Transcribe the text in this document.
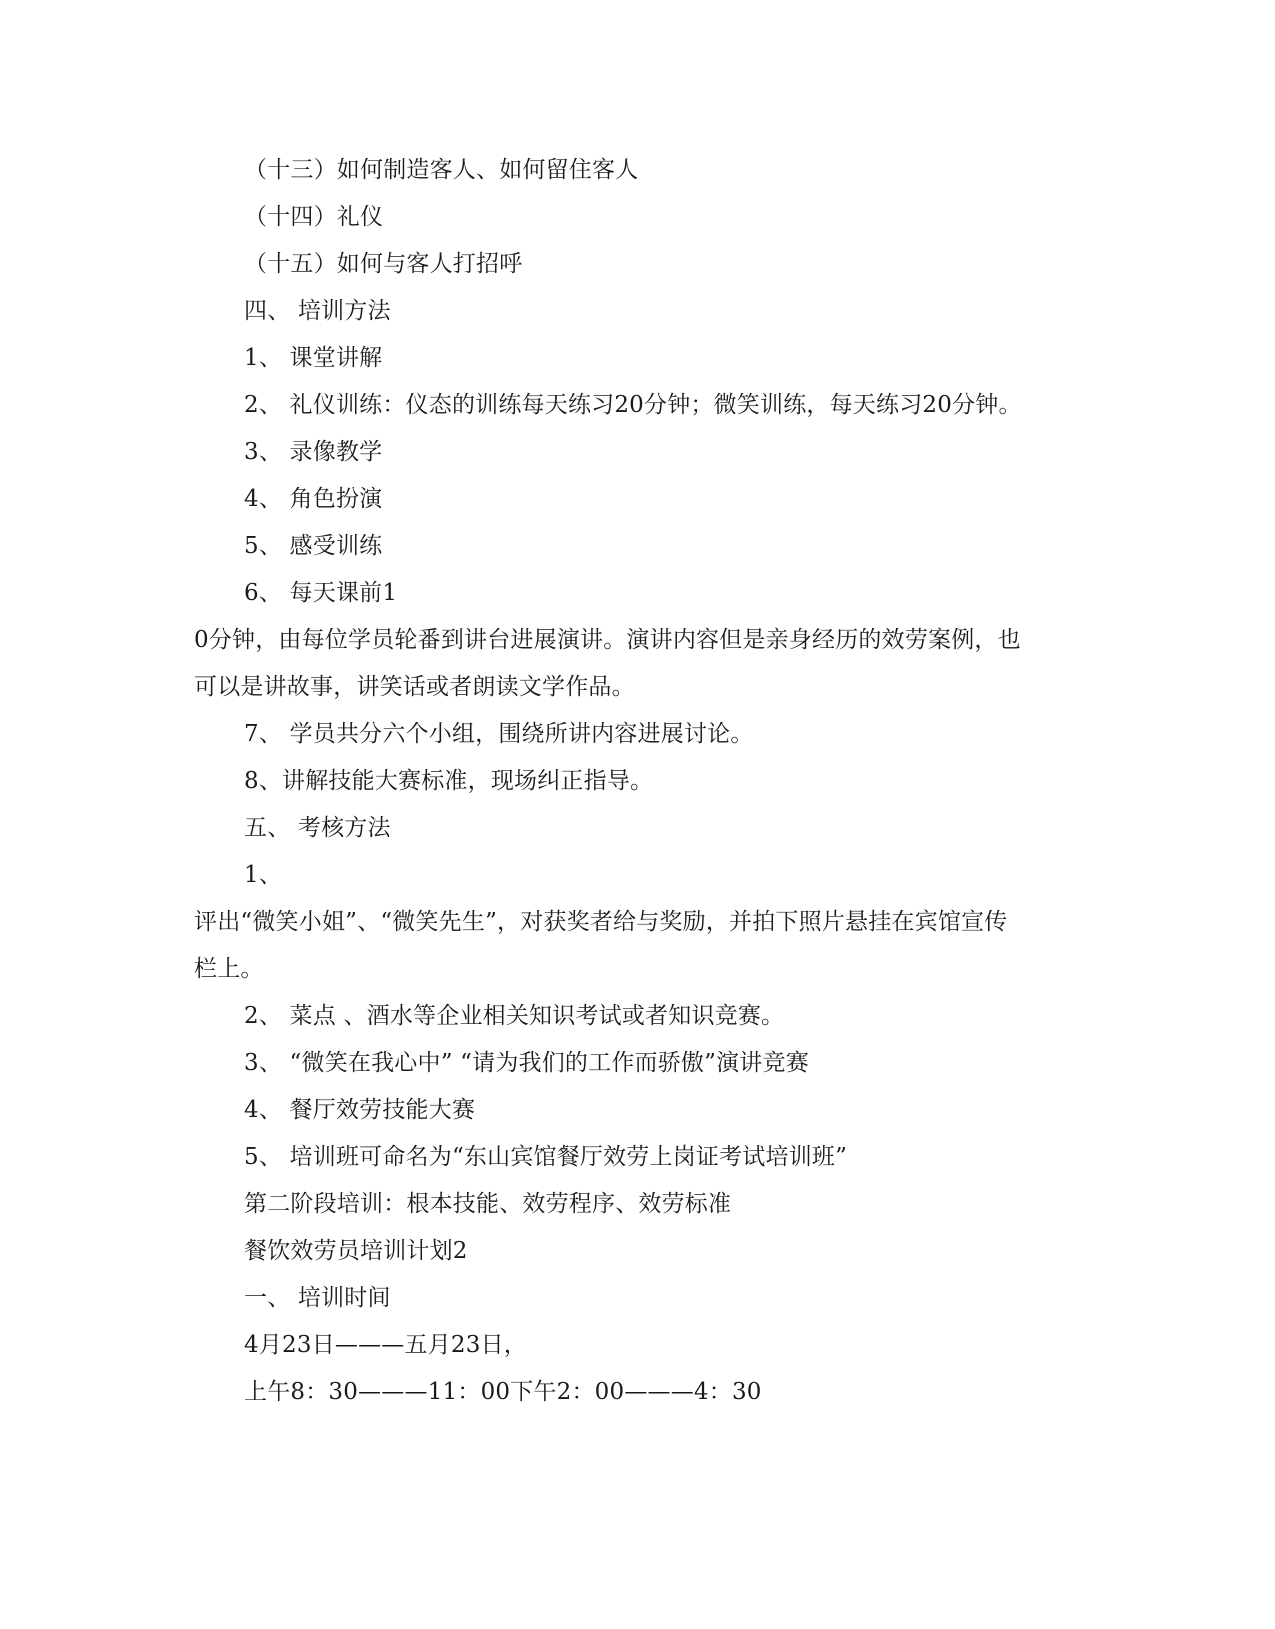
（十三）如何制造客人、如何留住客人

（十四）礼仪

（十五）如何与客人打招呼

四、 培训方法

1、 课堂讲解

2、 礼仪训练：仪态的训练每天练习20分钟；微笑训练，每天练习20分钟。

3、 录像教学

4、 角色扮演

5、 感受训练

6、 每天课前1

0分钟，由每位学员轮番到讲台进展演讲。演讲内容但是亲身经历的效劳案例，也

可以是讲故事，讲笑话或者朗读文学作品。

7、 学员共分六个小组，围绕所讲内容进展讨论。

8、讲解技能大赛标准，现场纠正指导。

五、 考核方法

1、

评出“微笑小姐”、“微笑先生”，对获奖者给与奖励，并拍下照片悬挂在宾馆宣传

栏上。

2、 菜点 、酒水等企业相关知识考试或者知识竞赛。

3、 “微笑在我心中” “请为我们的工作而骄傲”演讲竞赛

4、 餐厅效劳技能大赛

5、 培训班可命名为“东山宾馆餐厅效劳上岗证考试培训班”

第二阶段培训：根本技能、效劳程序、效劳标准

餐饮效劳员培训计划2

一、 培训时间

4月23日———五月23日，

上午8：30———11：00下午2：00———4：30
